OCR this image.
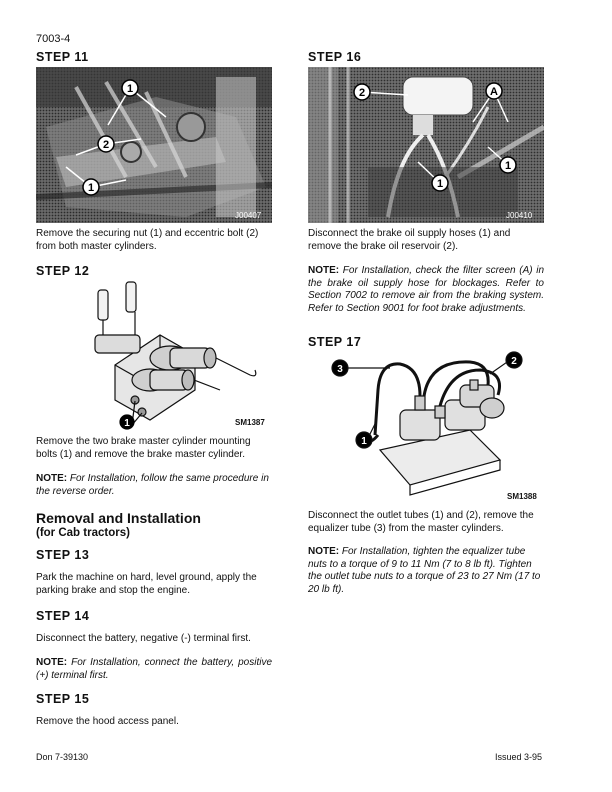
7003-4
STEP 11
1
2
1
J00407
Remove the securing nut (1) and eccentric bolt (2) from both master cylinders.
STEP 12
1	SM1387
Remove the two brake master cylinder mounting bolts (1) and remove the brake master cylinder.
NOTE: For Installation, follow the same procedure in the reverse order.
Removal and Installation
(for Cab tractors)
STEP 13
Park the machine on hard, level ground, apply the parking brake and stop the engine.
STEP 14
Disconnect the battery, negative (-) terminal first.
NOTE: For Installation, connect the battery, positive (+) terminal first.
STEP 15
Remove the hood access panel.
STEP 16
2	A
1
1
J00410
Disconnect the brake oil supply hoses (1) and remove the brake oil reservoir (2).
NOTE: For Installation, check the filter screen (A) in the brake oil supply hose for blockages. Refer to Section 7002 to remove air from the braking system. Refer to Section 9001 for foot brake adjustments.
STEP 17
3
2
1
SM1388
Disconnect the outlet tubes (1) and (2), remove the equalizer tube (3) from the master cylinders.
NOTE: For Installation, tighten the equalizer tube nuts to a torque of 9 to 11 Nm (7 to 8 lb ft). Tighten the outlet tube nuts to a torque of 23 to 27 Nm (17 to 20 lb ft).
Don 7-39130	Issued 3-95
